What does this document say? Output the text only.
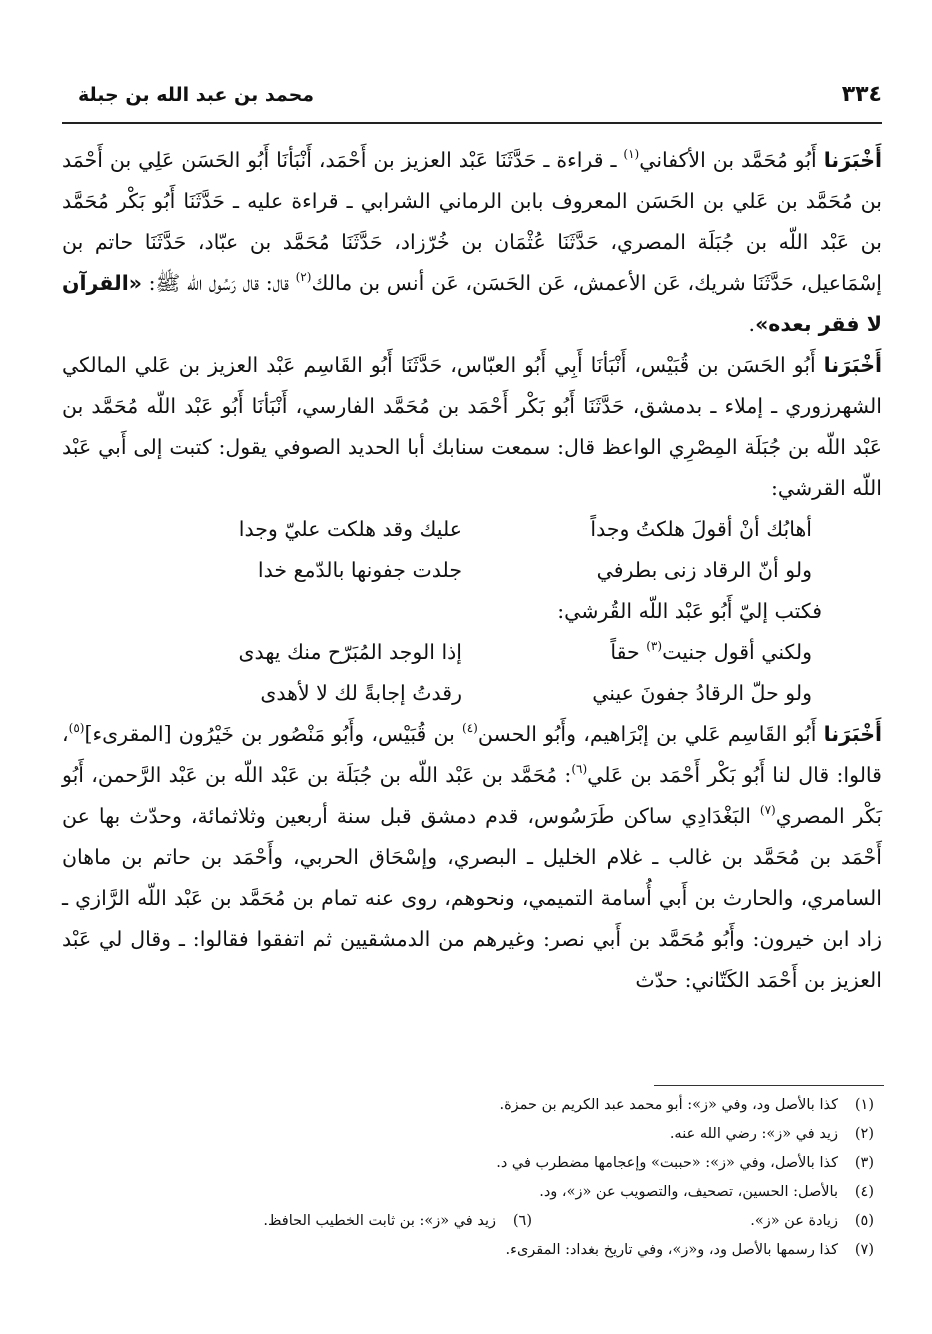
٣٣٤
محمد بن عبد الله بن جبلة

أَخْبَرَنا أَبُو مُحَمَّد بن الأكفاني$^{(١)}$ ـ قراءة ـ حَدَّثَنَا عَبْد العزيز بن أَحْمَد، أَنْبَأنَا أَبُو الحَسَن عَلِي بن أَحْمَد بن مُحَمَّد بن عَلي بن الحَسَن المعروف بابن الرماني الشرابي ـ قراءة عليه ـ حَدَّثَنَا أَبُو بَكْر مُحَمَّد بن عَبْد اللّه بن جُبَلَة المصري، حَدَّثَنَا عُثْمَان بن خُرّزاد، حَدَّثَنَا مُحَمَّد بن عبّاد، حَدَّثَنَا حاتم بن إسْمَاعيل، حَدَّثَنَا شريك، عَن الأعمش، عَن الحَسَن، عَن أنس بن مالك$^{(٢)}$ قال: قال رَسُول اللّه ﷺ: «القرآن لا فقر بعده».

أَخْبَرَنا أَبُو الحَسَن بن قُبَيْس، أَنْبَأنَا أَبِي أَبُو العبّاس، حَدَّثَنَا أَبُو القَاسِم عَبْد العزيز بن عَلي المالكي الشهرزوري ـ إملاء ـ بدمشق، حَدَّثَنَا أَبُو بَكْر أَحْمَد بن مُحَمَّد الفارسي، أَنْبَأنَا أَبُو عَبْد اللّه مُحَمَّد بن عَبْد اللّه بن جُبَلَة المِصْرِي الواعظ قال: سمعت سنابك أبا الحديد الصوفي يقول: كتبت إلى أَبي عَبْد اللّه القرشي:

أهابُك أنْ أقولَ هلكتُ وجداً
عليك وقد هلكت عليّ وجدا
ولو أنّ الرقاد زنى بطرفي
جلدت جفونها بالدّمع خدا
فكتب إليّ أَبُو عَبْد اللّه القُرشي:
ولكني أقول جنيت$^{(٣)}$ حقاً
إذا الوجد المُبَرّح منك يهدى
ولو حلّ الرقادُ جفونَ عيني
رقدتُ إجابةً لك لا لأهدى

أَخْبَرَنا أَبُو القَاسِم عَلي بن إبْرَاهيم، وأَبُو الحسن$^{(٤)}$ بن قُبَيْس، وأَبُو مَنْصُور بن خَيْرُون [المقرىء]$^{(٥)}$، قالوا: قال لنا أَبُو بَكْر أَحْمَد بن عَلي$^{(٦)}$: مُحَمَّد بن عَبْد اللّه بن جُبَلَة بن عَبْد اللّه بن عَبْد الرَّحمن، أَبُو بَكْر المصري$^{(٧)}$ البَغْدَادِي ساكن طَرَسُوس، قدم دمشق قبل سنة أربعين وثلاثمائة، وحدّث بها عن أَحْمَد بن مُحَمَّد بن غالب ـ غلام الخليل ـ البصري، وإسْحَاق الحربي، وأَحْمَد بن حاتم بن ماهان السامري، والحارث بن أَبي أُسامة التميمي، ونحوهم، روى عنه تمام بن مُحَمَّد بن عَبْد اللّه الرَّازي ـ زاد ابن خيرون: وأَبُو مُحَمَّد بن أَبي نصر: وغيرهم من الدمشقيين ثم اتفقوا فقالوا: ـ وقال لي عَبْد العزيز بن أَحْمَد الكَتّاني: حدّث

(١)
كذا بالأصل ود، وفي «ز»: أبو محمد عبد الكريم بن حمزة.
(٢)
زيد في «ز»: رضي الله عنه.
(٣)
كذا بالأصل، وفي «ز»: «حببت» وإعجامها مضطرب في د.
(٤)
بالأصل: الحسين، تصحيف، والتصويب عن «ز»، ود.
(٥)
زيادة عن «ز».
(٦)
زيد في «ز»: بن ثابت الخطيب الحافظ.
(٧)
كذا رسمها بالأصل ود، و«ز»، وفي تاريخ بغداد: المقرىء.
